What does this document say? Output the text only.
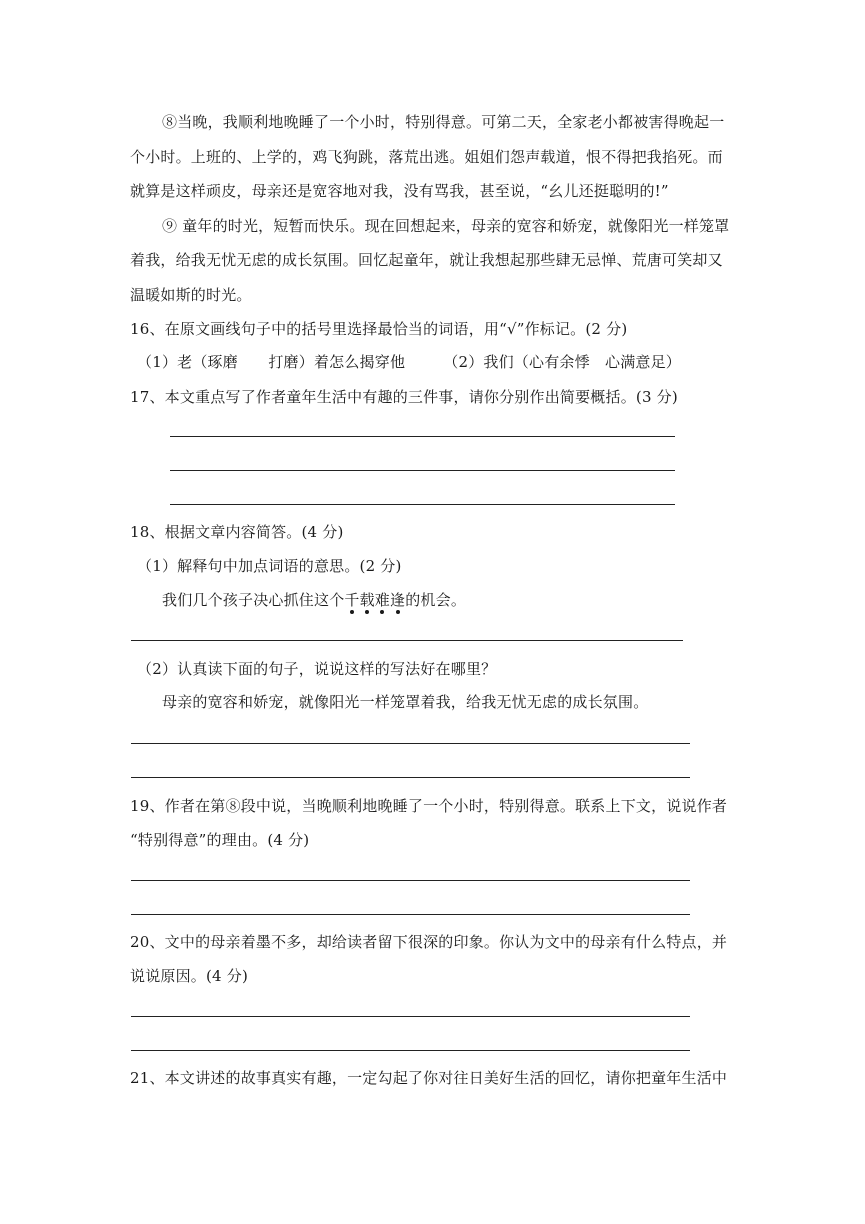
⑧当晚，我顺利地晚睡了一个小时，特别得意。可第二天，全家老小都被害得晚起一
个小时。上班的、上学的，鸡飞狗跳，落荒出逃。姐姐们怨声载道，恨不得把我掐死。而
就算是这样顽皮，母亲还是宽容地对我，没有骂我，甚至说，“幺儿还挺聪明的!”
⑨ 童年的时光，短暂而快乐。现在回想起来，母亲的宽容和娇宠，就像阳光一样笼罩
着我，给我无忧无虑的成长氛围。回忆起童年，就让我想起那些肆无忌惮、荒唐可笑却又
温暖如斯的时光。
16、在原文画线句子中的括号里选择最恰当的词语，用“√”作标记。(2 分)
（1）老（琢磨　　打磨）着怎么揭穿他　　　（2）我们（心有余悸　心满意足）
17、本文重点写了作者童年生活中有趣的三件事，请你分别作出简要概括。(3 分)
18、根据文章内容简答。(4 分)
（1）解释句中加点词语的意思。(2 分)
我们几个孩子决心抓住这个千载难逢
的机会。
（2）认真读下面的句子，说说这样的写法好在哪里？
母亲的宽容和娇宠，就像阳光一样笼罩着我，给我无忧无虑的成长氛围。
19、作者在第⑧段中说，当晚顺利地晚睡了一个小时，特别得意。联系上下文，说说作者
“特别得意”的理由。(4 分)
20、文中的母亲着墨不多，却给读者留下很深的印象。你认为文中的母亲有什么特点，并
说说原因。(4 分)
21、本文讲述的故事真实有趣，一定勾起了你对往日美好生活的回忆，请你把童年生活中
